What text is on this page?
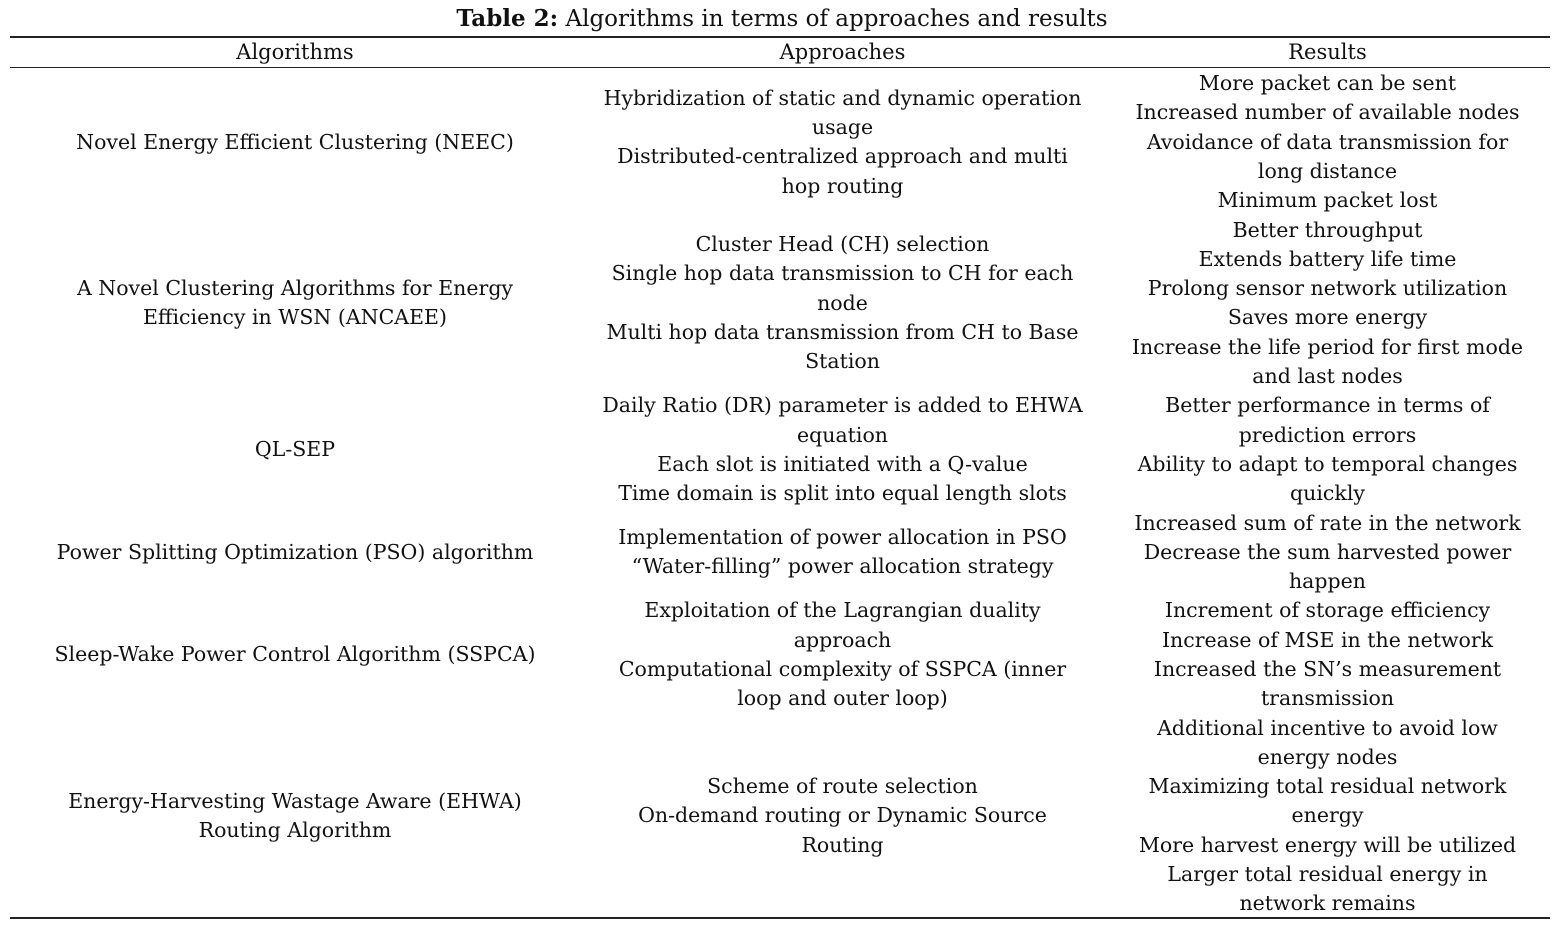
Table 2: Algorithms in terms of approaches and results
Algorithms	Approaches	Results
Novel Energy Efficient Clustering (NEEC)
Hybridization of static and dynamic operation
usage
Distributed-centralized approach and multi
hop routing
More packet can be sent
Increased number of available nodes
Avoidance of data transmission for
long distance
Minimum packet lost
A Novel Clustering Algorithms for Energy
Efficiency in WSN (ANCAEE)
Cluster Head (CH) selection
Single hop data transmission to CH for each
node
Multi hop data transmission from CH to Base
Station
Better throughput
Extends battery life time
Prolong sensor network utilization
Saves more energy
Increase the life period for first mode
and last nodes
QL-SEP
Daily Ratio (DR) parameter is added to EHWA
equation
Each slot is initiated with a Q-value
Time domain is split into equal length slots
Better performance in terms of
prediction errors
Ability to adapt to temporal changes
quickly
Power Splitting Optimization (PSO) algorithm
Implementation of power allocation in PSO
“Water-filling” power allocation strategy
Increased sum of rate in the network
Decrease the sum harvested power
happen
Sleep-Wake Power Control Algorithm (SSPCA)
Exploitation of the Lagrangian duality
approach
Computational complexity of SSPCA (inner
loop and outer loop)
Increment of storage efficiency
Increase of MSE in the network
Increased the SN’s measurement
transmission
Energy-Harvesting Wastage Aware (EHWA)
Routing Algorithm
Scheme of route selection
On-demand routing or Dynamic Source
Routing
Additional incentive to avoid low
energy nodes
Maximizing total residual network
energy
More harvest energy will be utilized
Larger total residual energy in
network remains
